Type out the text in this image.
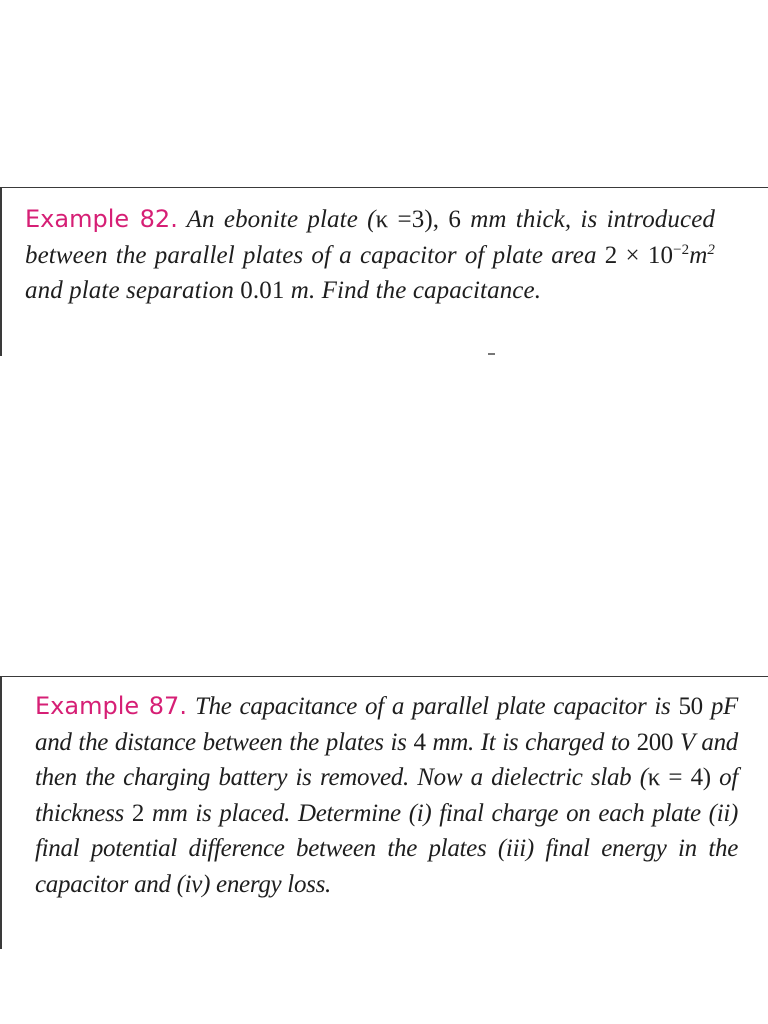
Example 82. An ebonite plate (κ =3), 6 mm thick, is introduced between the parallel plates of a capacitor of plate area $2 \times 10^{-2}m^2$ and plate separation 0.01 m. Find the capacitance.

Example 87. The capacitance of a parallel plate capacitor is 50 pF and the distance between the plates is 4 mm. It is charged to 200 V and then the charging battery is removed. Now a dielectric slab (κ = 4) of thickness 2 mm is placed. Determine (i) final charge on each plate (ii) final potential difference between the plates (iii) final energy in the capacitor and (iv) energy loss.
